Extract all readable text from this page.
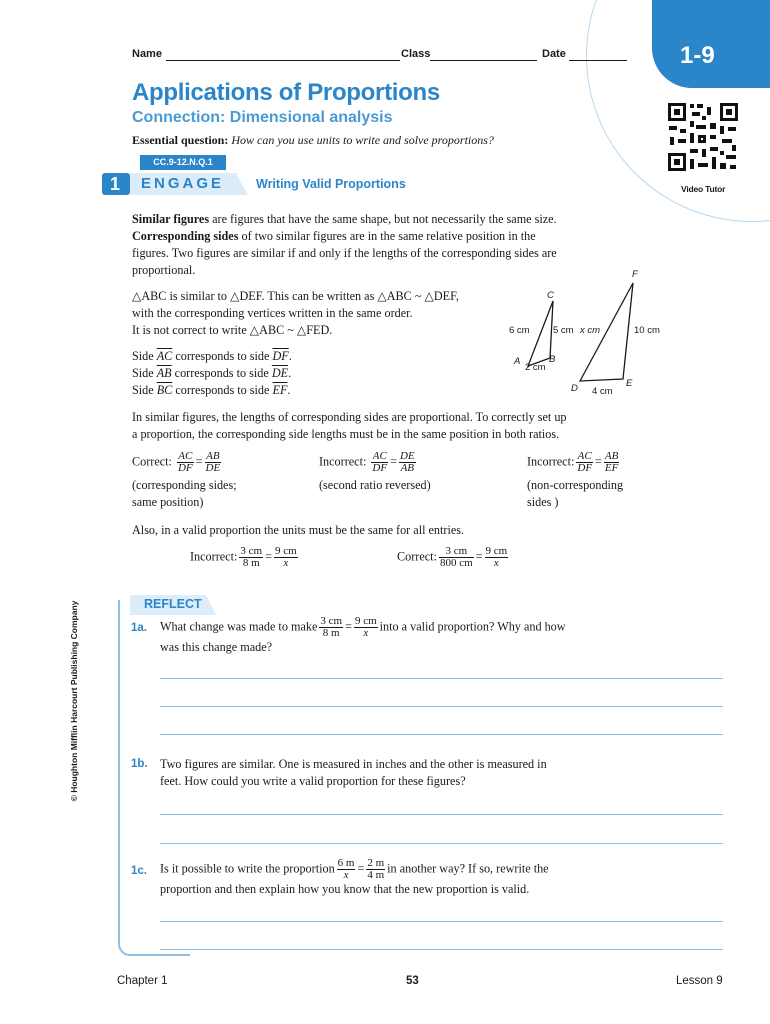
1-9
Video Tutor
Name	Class	Date
Applications of Proportions
Connection: Dimensional analysis
Essential question: How can you use units to write and solve proportions?
CC.9-12.N.Q.1
1 ENGAGE	Writing Valid Proportions
Similar figures are figures that have the same shape, but not necessarily the same size.
Corresponding sides of two similar figures are in the same relative position in the
figures. Two figures are similar if and only if the lengths of the corresponding sides are
proportional.
△ABC is similar to △DEF. This can be written as △ABC ~ △DEF,
with the corresponding vertices written in the same order.
It is not correct to write △ABC ~ △FED.
Side $\overline{AC}$ corresponds to side $\overline{DF}$.
Side $\overline{AB}$ corresponds to side $\overline{DE}$.
Side $\overline{BC}$ corresponds to side $\overline{EF}$.
C
A	B
6 cm 5 cm
2 cm
F
D	E
x cm	10 cm
4 cm
In similar figures, the lengths of corresponding sides are proportional. To correctly set up
a proportion, the corresponding side lengths must be in the same position in both ratios.
Correct: $\frac{AC}{DF} = \frac{AB}{DE}$
(corresponding sides;
same position)
Incorrect: $\frac{AC}{DF} = \frac{DE}{AB}$
(second ratio reversed)
Incorrect: $\frac{AC}{DF} = \frac{AB}{EF}$
(non-corresponding
sides )
Also, in a valid proportion the units must be the same for all entries.
Incorrect: $\frac{3 cm}{8 m} = \frac{9 cm}{x}$	Correct: $\frac{3 cm}{800 cm} = \frac{9 cm}{x}$
REFLECT
1a. What change was made to make $\frac{3 cm}{8 m} = \frac{9 cm}{x}$ into a valid proportion? Why and how
was this change made?
1b. Two figures are similar. One is measured in inches and the other is measured in
feet. How could you write a valid proportion for these figures?
1c. Is it possible to write the proportion $\frac{6 m}{x} = \frac{2 m}{4 m}$ in another way? If so, rewrite the
proportion and then explain how you know that the new proportion is valid.
© Houghton Mifflin Harcourt Publishing Company
Chapter 1	53	Lesson 9
